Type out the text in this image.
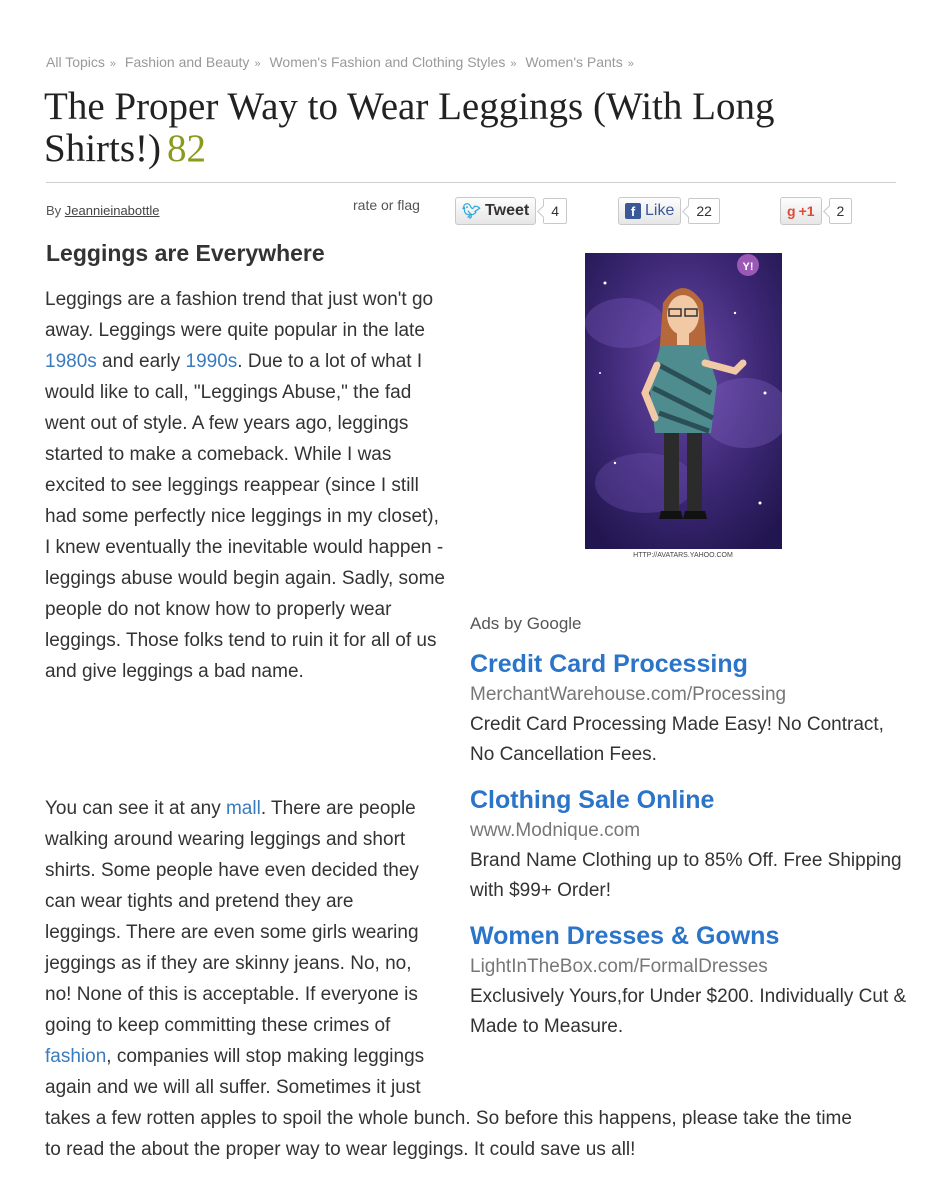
All Topics » Fashion and Beauty » Women's Fashion and Clothing Styles » Women's Pants »
The Proper Way to Wear Leggings (With Long Shirts!) 82
By Jeannieinabottle	rate or flag	🐦︎ Tweet	4	f Like	22	g +1	2
Leggings are Everywhere

Leggings are a fashion trend that just won't go away. Leggings were quite popular in the late 1980s and early 1990s. Due to a lot of what I would like to call, "Leggings Abuse," the fad went out of style. A few years ago, leggings started to make a comeback. While I was excited to see leggings reappear (since I still had some perfectly nice leggings in my closet), I knew eventually the inevitable would happen - leggings abuse would begin again. Sadly, some people do not know how to properly wear leggings. Those folks tend to ruin it for all of us and give leggings a bad name.

You can see it at any mall. There are people walking around wearing leggings and short shirts. Some people have even decided they can wear tights and pretend they are leggings. There are even some girls wearing jeggings as if they are skinny jeans. No, no, no! None of this is acceptable. If everyone is going to keep committing these crimes of fashion, companies will stop making leggings again and we will all suffer. Sometimes it just takes a few rotten apples to spoil the whole bunch. So before this happens, please take the time to read the about the proper way to wear leggings. It could save us all!

Y!
HTTP://AVATARS.YAHOO.COM
Ads by Google
Credit Card Processing
MerchantWarehouse.com/Processing
Credit Card Processing Made Easy! No Contract, No Cancellation Fees.
Clothing Sale Online
www.Modnique.com
Brand Name Clothing up to 85% Off. Free Shipping with $99+ Order!
Women Dresses & Gowns
LightInTheBox.com/FormalDresses
Exclusively Yours,for Under $200. Individually Cut & Made to Measure.
